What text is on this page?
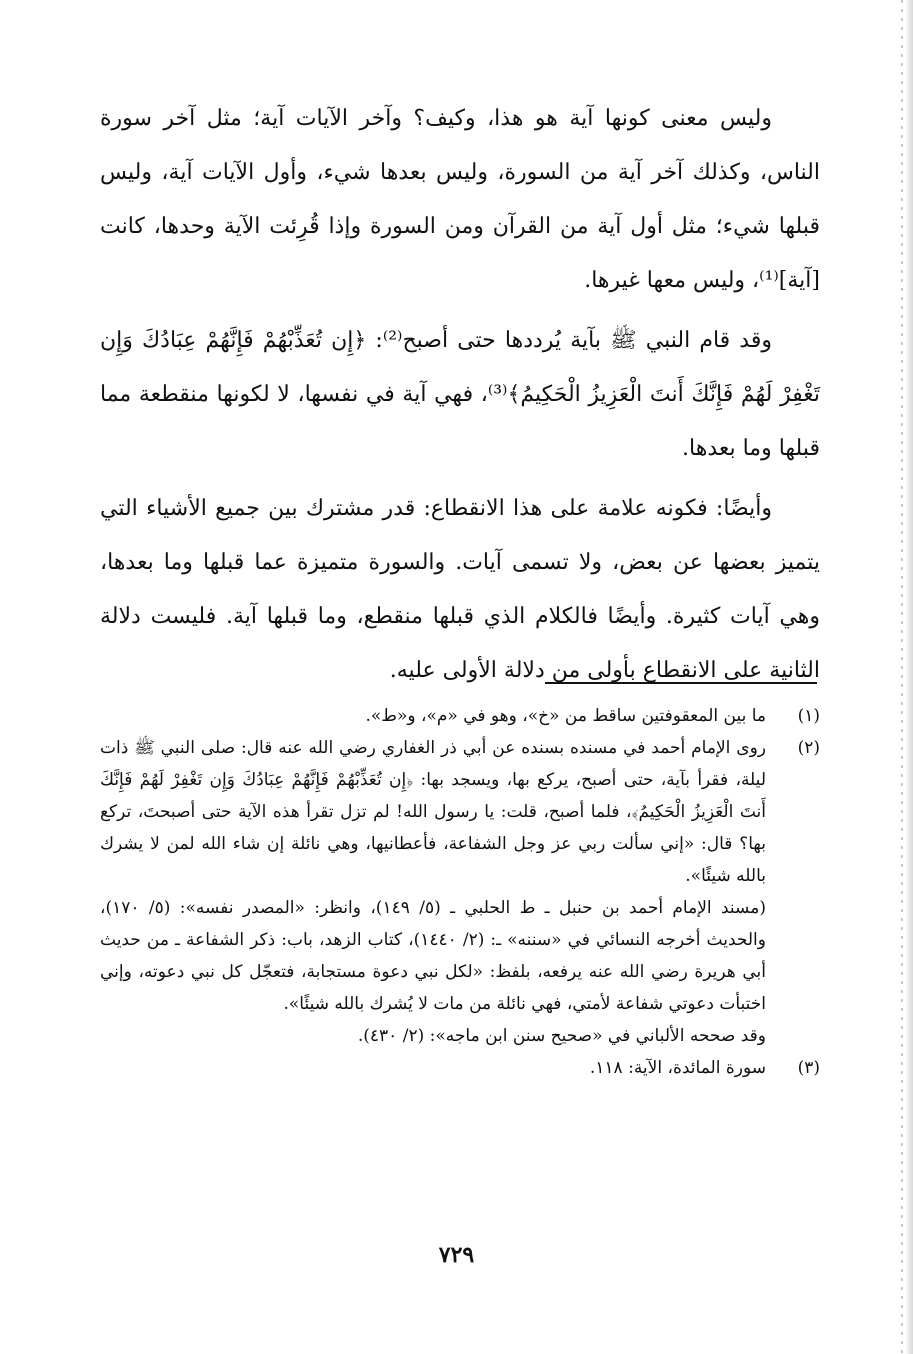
وليس معنى كونها آية هو هذا، وكيف؟ وآخر الآيات آية؛ مثل آخر سورة الناس، وكذلك آخر آية من السورة، وليس بعدها شيء، وأول الآيات آية، وليس قبلها شيء؛ مثل أول آية من القرآن ومن السورة وإذا قُرِئت الآية وحدها، كانت [آية]⁽¹⁾، وليس معها غيرها.

وقد قام النبي ﷺ بآية يُرددها حتى أصبح⁽²⁾: ﴿إِن تُعَذِّبْهُمْ فَإِنَّهُمْ عِبَادُكَ وَإِن تَغْفِرْ لَهُمْ فَإِنَّكَ أَنتَ الْعَزِيزُ الْحَكِيمُ﴾⁽³⁾، فهي آية في نفسها، لا لكونها منقطعة مما قبلها وما بعدها.

وأيضًا: فكونه علامة على هذا الانقطاع: قدر مشترك بين جميع الأشياء التي يتميز بعضها عن بعض، ولا تسمى آيات. والسورة متميزة عما قبلها وما بعدها، وهي آيات كثيرة. وأيضًا فالكلام الذي قبلها منقطع، وما قبلها آية. فليست دلالة الثانية على الانقطاع بأولى من دلالة الأولى عليه.

(١)

ما بين المعقوفتين ساقط من «خ»، وهو في «م»، و«ط».

(٢)

روى الإمام أحمد في مسنده بسنده عن أبي ذر الغفاري رضي الله عنه قال: صلى النبي ﷺ ذات ليلة، فقرأ بآية، حتى أصبح، يركع بها، ويسجد بها: ﴿إِن تُعَذِّبْهُمْ فَإِنَّهُمْ عِبَادُكَ وَإِن تَغْفِرْ لَهُمْ فَإِنَّكَ أَنتَ الْعَزِيزُ الْحَكِيمُ﴾، فلما أصبح، قلت: يا رسول الله! لم تزل تقرأ هذه الآية حتى أصبحتَ، تركع بها؟ قال: «إني سألت ربي عز وجل الشفاعة، فأعطانيها، وهي نائلة إن شاء الله لمن لا يشرك بالله شيئًا».

(مسند الإمام أحمد بن حنبل ـ ط الحلبي ـ (٥/ ١٤٩)، وانظر: «المصدر نفسه»: (٥/ ١٧٠)، والحديث أخرجه النسائي في «سننه» ـ: (٢/ ١٤٤٠)، كتاب الزهد، باب: ذكر الشفاعة ـ من حديث أبي هريرة رضي الله عنه يرفعه، بلفظ: «لكل نبي دعوة مستجابة، فتعجّل كل نبي دعوته، وإني اختبأت دعوتي شفاعة لأمتي، فهي نائلة من مات لا يُشرك بالله شيئًا».

وقد صححه الألباني في «صحيح سنن ابن ماجه»: (٢/ ٤٣٠).

(٣)

سورة المائدة، الآية: ١١٨.

٧٢٩
